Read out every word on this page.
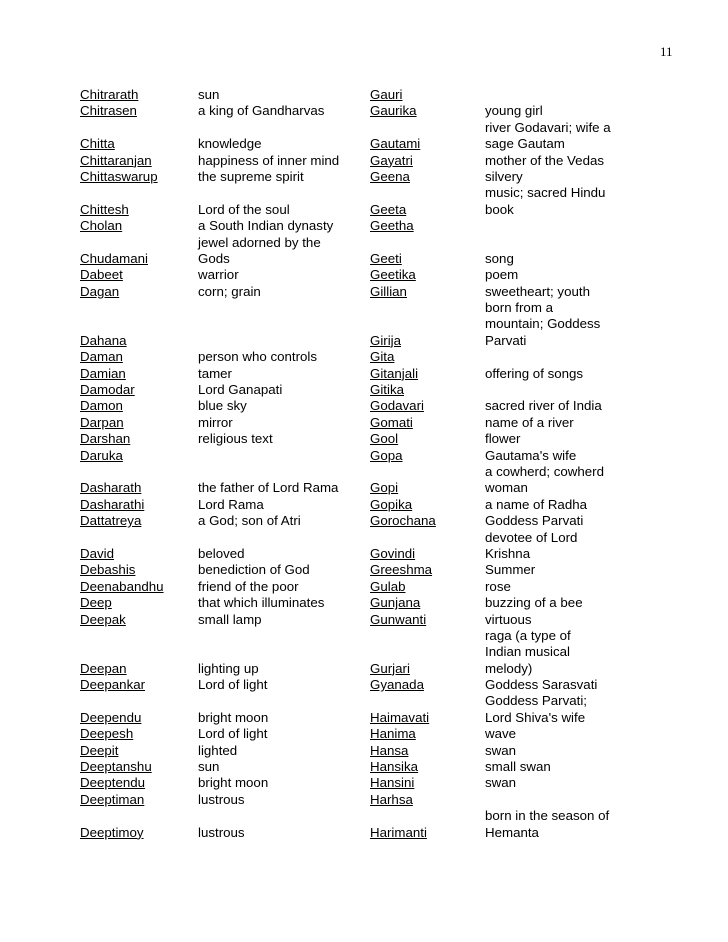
11
Chitrarath
Chitrasen
Chitta
Chittaranjan
Chittaswarup
Chittesh
Cholan
Chudamani
Dabeet
Dagan
Dahana
Daman
Damian
Damodar
Damon
Darpan
Darshan
Daruka
Dasharath
Dasharathi
Dattatreya
David
Debashis
Deenabandhu
Deep
Deepak
Deepan
Deepankar
Deependu
Deepesh
Deepit
Deeptanshu
Deeptendu
Deeptiman
Deeptimoy
sun
a king of Gandharvas
knowledge
happiness of inner mind
the supreme spirit
Lord of the soul
a South Indian dynasty
jewel adorned by the
Gods
warrior
corn; grain
person who controls
tamer
Lord Ganapati
blue sky
mirror
religious text
the father of Lord Rama
Lord Rama
a God; son of Atri
beloved
benediction of God
friend of the poor
that which illuminates
small lamp
lighting up
Lord of light
bright moon
Lord of light
lighted
sun
bright moon
lustrous
lustrous
Gauri
Gaurika
Gautami
Gayatri
Geena
Geeta
Geetha
Geeti
Geetika
Gillian
Girija
Gita
Gitanjali
Gitika
Godavari
Gomati
Gool
Gopa
Gopi
Gopika
Gorochana
Govindi
Greeshma
Gulab
Gunjana
Gunwanti
Gurjari
Gyanada
Haimavati
Hanima
Hansa
Hansika
Hansini
Harhsa
Harimanti
young girl
river Godavari; wife a
sage Gautam
mother of the Vedas
silvery
music; sacred Hindu
book
song
poem
sweetheart; youth
born from a
mountain; Goddess
Parvati
offering of songs
sacred river of India
name of a river
flower
Gautama's wife
a cowherd; cowherd
woman
a name of Radha
Goddess Parvati
devotee of Lord
Krishna
Summer
rose
buzzing of a bee
virtuous
raga (a type of
Indian musical
melody)
Goddess Sarasvati
Goddess Parvati;
Lord Shiva's wife
wave
swan
small swan
swan
born in the season of
Hemanta
